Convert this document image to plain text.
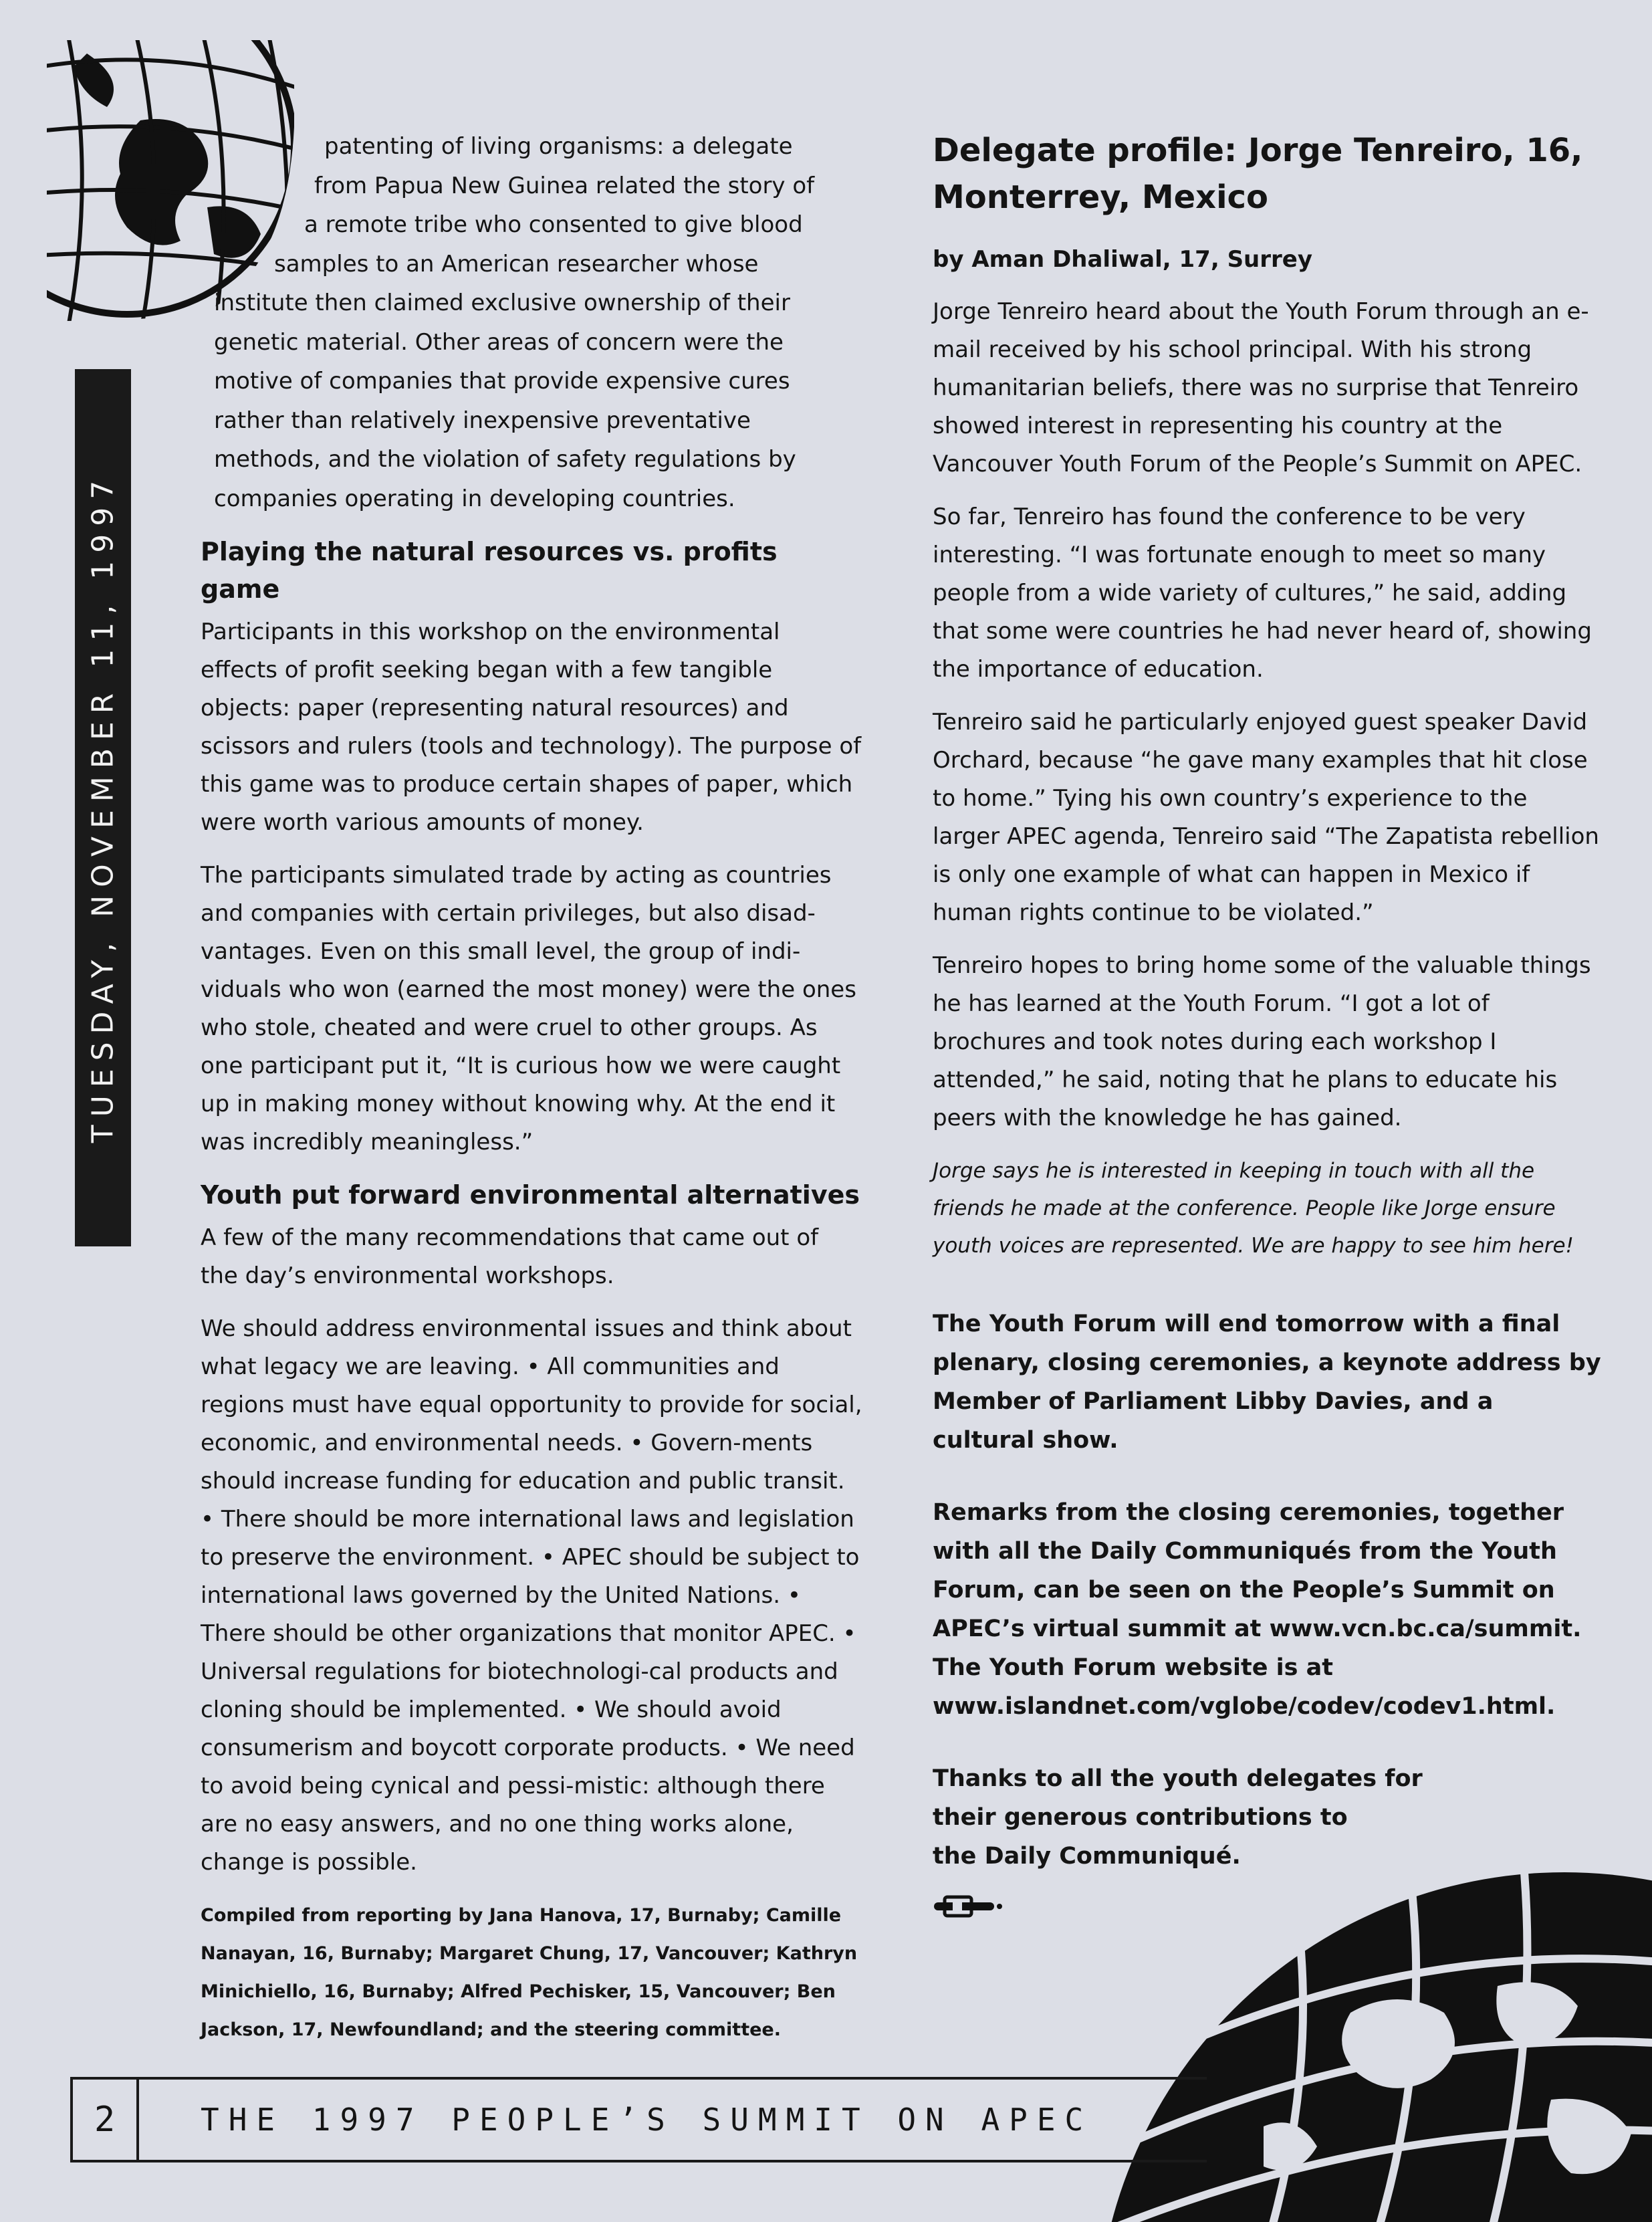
TUESDAY, NOVEMBER 11, 1997
patenting of living organisms: a delegate
from Papua New Guinea related the story of
a remote tribe who consented to give blood
samples to an American researcher whose
institute then claimed exclusive ownership of their
genetic material. Other areas of concern were the
motive of companies that provide expensive cures
rather than relatively inexpensive preventative
methods, and the violation of safety regulations by
companies operating in developing countries.
Playing the natural resources vs. profits game

Participants in this workshop on the environmental effects of profit seeking began with a few tangible objects: paper (representing natural resources) and scissors and rulers (tools and technology). The purpose of this game was to produce certain shapes of paper, which were worth various amounts of money.

The participants simulated trade by acting as countries and companies with certain privileges, but also disad-vantages. Even on this small level, the group of indi-viduals who won (earned the most money) were the ones who stole, cheated and were cruel to other groups. As one participant put it, “It is curious how we were caught up in making money without knowing why. At the end it was incredibly meaningless.”

Youth put forward environmental alternatives

A few of the many recommendations that came out of the day’s environmental workshops.

We should address environmental issues and think about what legacy we are leaving. • All communities and regions must have equal opportunity to provide for social, economic, and environmental needs. • Govern-ments should increase funding for education and public transit. • There should be more international laws and legislation to preserve the environment. • APEC should be subject to international laws governed by the United Nations. • There should be other organizations that monitor APEC. • Universal regulations for biotechnologi-cal products and cloning should be implemented. • We should avoid consumerism and boycott corporate products. • We need to avoid being cynical and pessi-mistic: although there are no easy answers, and no one thing works alone, change is possible.

Compiled from reporting by Jana Hanova, 17, Burnaby; Camille Nanayan, 16, Burnaby; Margaret Chung, 17, Vancouver; Kathryn Minichiello, 16, Burnaby; Alfred Pechisker, 15, Vancouver; Ben Jackson, 17, Newfoundland; and the steering committee.
Delegate profile: Jorge Tenreiro, 16, Monterrey, Mexico
by Aman Dhaliwal, 17, Surrey

Jorge Tenreiro heard about the Youth Forum through an e-mail received by his school principal. With his strong humanitarian beliefs, there was no surprise that Tenreiro showed interest in representing his country at the Vancouver Youth Forum of the People’s Summit on APEC.

So far, Tenreiro has found the conference to be very interesting. “I was fortunate enough to meet so many people from a wide variety of cultures,” he said, adding that some were countries he had never heard of, showing the importance of education.

Tenreiro said he particularly enjoyed guest speaker David Orchard, because “he gave many examples that hit close to home.” Tying his own country’s experience to the larger APEC agenda, Tenreiro said “The Zapatista rebellion is only one example of what can happen in Mexico if human rights continue to be violated.”

Tenreiro hopes to bring home some of the valuable things he has learned at the Youth Forum. “I got a lot of brochures and took notes during each workshop I attended,” he said, noting that he plans to educate his peers with the knowledge he has gained.

Jorge says he is interested in keeping in touch with all the friends he made at the conference. People like Jorge ensure youth voices are represented. We are happy to see him here!

The Youth Forum will end tomorrow with a final plenary, closing ceremonies, a keynote address by Member of Parliament Libby Davies, and a cultural show.

Remarks from the closing ceremonies, together with all the Daily Communiqués from the Youth Forum, can be seen on the People’s Summit on APEC’s virtual summit at www.vcn.bc.ca/summit. The Youth Forum website is at www.islandnet.com/vglobe/codev/codev1.html.

Thanks to all the youth delegates for
their generous contributions to
the Daily Communiqué.
2	THE 1997 PEOPLE’S SUMMIT ON APEC
